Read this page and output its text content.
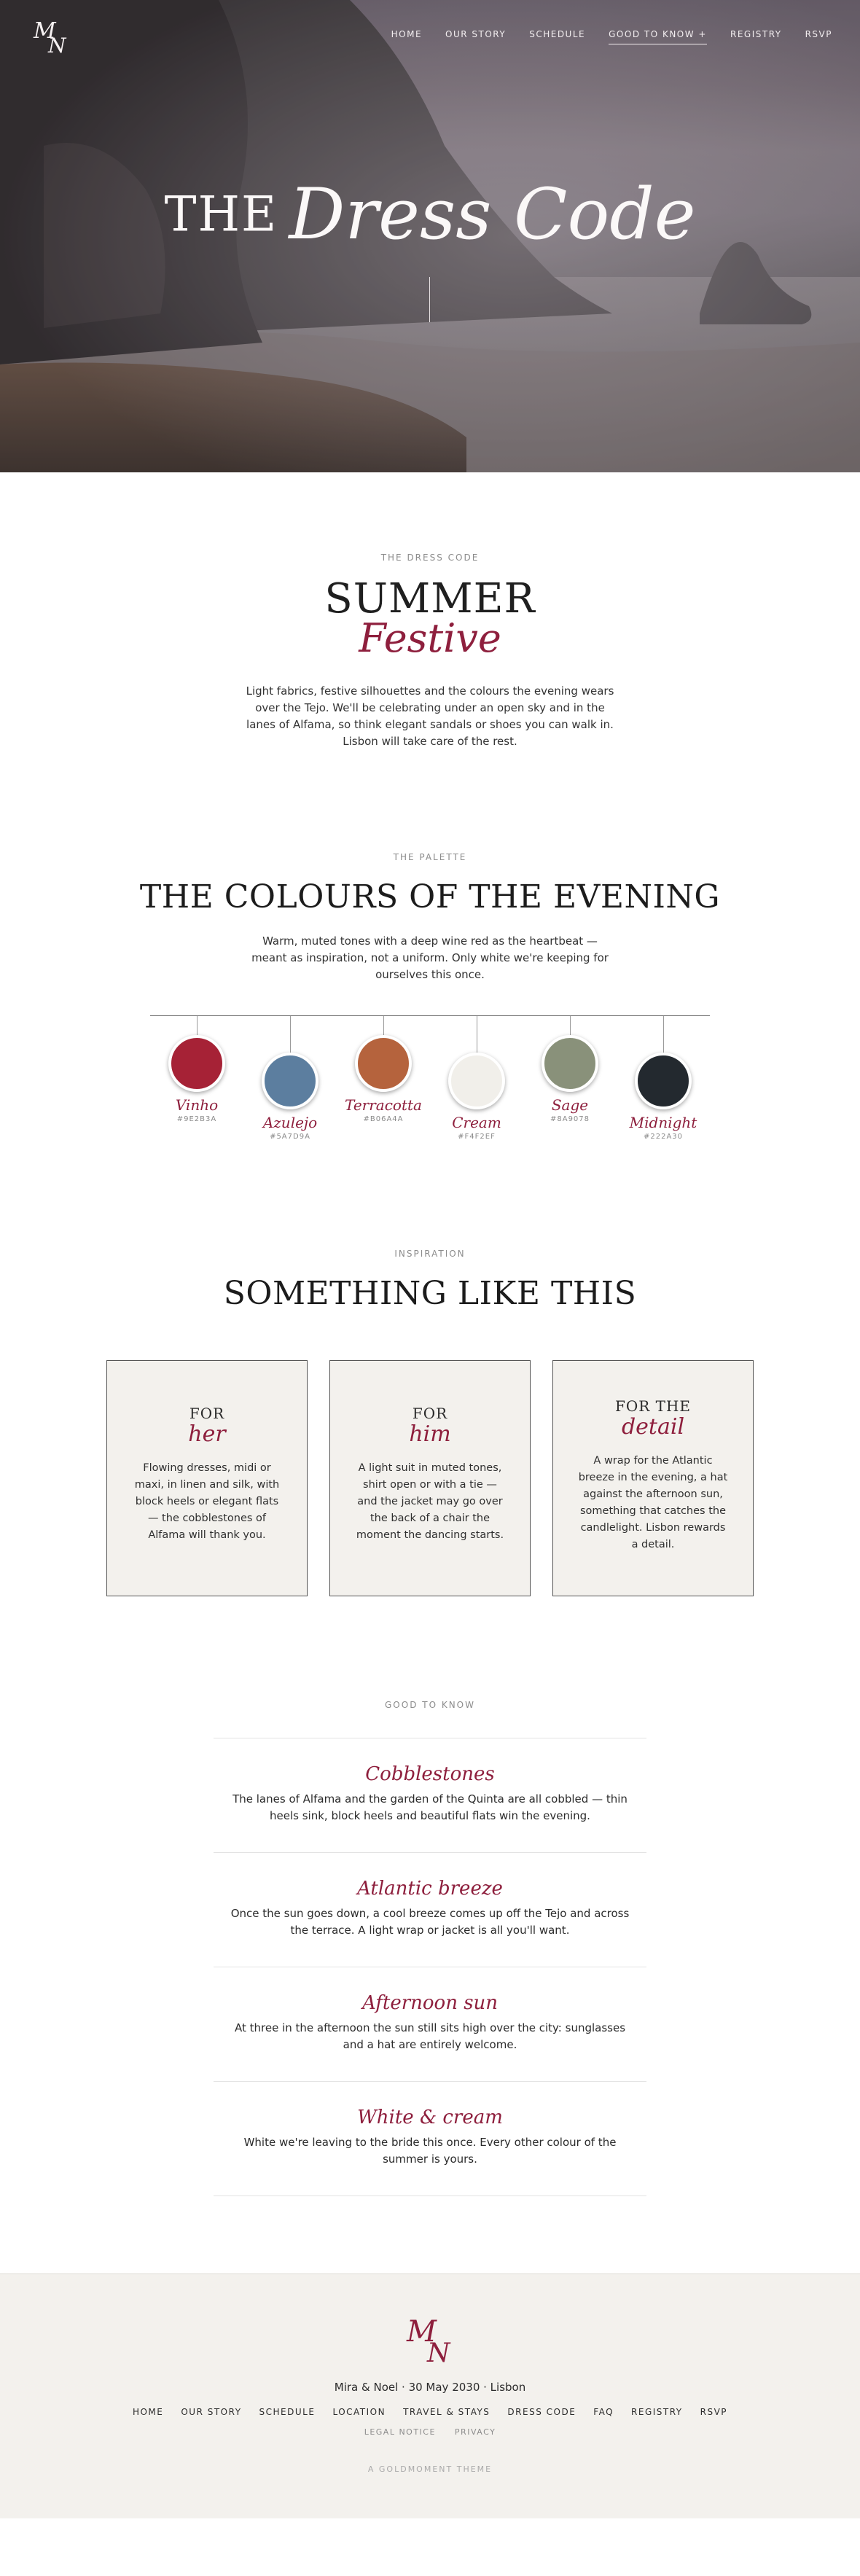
M
N	HOME	OUR STORY	SCHEDULE	GOOD TO KNOW +	REGISTRY	RSVP
THE Dress Code
THE DRESS CODE
SUMMER
Festive

Light fabrics, festive silhouettes and the colours the evening wears over the Tejo. We'll be celebrating under an open sky and in the lanes of Alfama, so think elegant sandals or shoes you can walk in. Lisbon will take care of the rest.

THE PALETTE
THE COLOURS OF THE EVENING

Warm, muted tones with a deep wine red as the heartbeat — meant as inspiration, not a uniform. Only white we're keeping for ourselves this once.

Vinho
#9E2B3A	Azulejo
#5A7D9A
Terracotta
#B06A4A	Cream
#F4F2EF
Sage
#8A9078	Midnight
#222A30
INSPIRATION
SOMETHING LIKE THIS
FOR
her

Flowing dresses, midi or maxi, in linen and silk, with block heels or elegant flats — the cobblestones of Alfama will thank you.

FOR
him

A light suit in muted tones, shirt open or with a tie — and the jacket may go over the back of a chair the moment the dancing starts.

FOR THE
detail

A wrap for the Atlantic breeze in the evening, a hat against the afternoon sun, something that catches the candlelight. Lisbon rewards a detail.

GOOD TO KNOW
Cobblestones

The lanes of Alfama and the garden of the Quinta are all cobbled — thin heels sink, block heels and beautiful flats win the evening.

Atlantic breeze

Once the sun goes down, a cool breeze comes up off the Tejo and across the terrace. A light wrap or jacket is all you'll want.

Afternoon sun

At three in the afternoon the sun still sits high over the city: sunglasses and a hat are entirely welcome.

White & cream

White we're leaving to the bride this once. Every other colour of the summer is yours.

M
N
Mira & Noel · 30 May 2030 · Lisbon
HOME OUR STORY SCHEDULE LOCATION TRAVEL & STAYS DRESS CODE FAQ REGISTRY RSVP
LEGAL NOTICE PRIVACY
A GOLDMOMENT THEME
